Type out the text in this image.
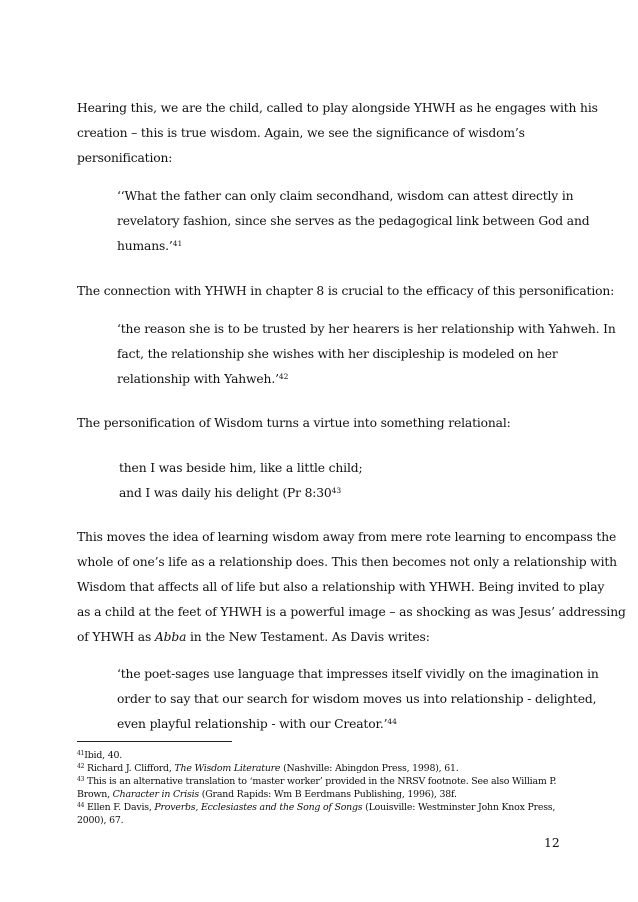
Hearing this, we are the child, called to play alongside YHWH as he engages with his
creation – this is true wisdom. Again, we see the significance of wisdom’s
personification:
‘‘What the father can only claim secondhand, wisdom can attest directly in
revelatory fashion, since she serves as the pedagogical link between God and
humans.’$^{41}$
The connection with YHWH in chapter 8 is crucial to the efficacy of this personification:
‘the reason she is to be trusted by her hearers is her relationship with Yahweh. In
fact, the relationship she wishes with her discipleship is modeled on her
relationship with Yahweh.’$^{42}$
The personification of Wisdom turns a virtue into something relational:
then I was beside him, like a little child;
and I was daily his delight (Pr 8:30$^{43}$
This moves the idea of learning wisdom away from mere rote learning to encompass the
whole of one’s life as a relationship does. This then becomes not only a relationship with
Wisdom that affects all of life but also a relationship with YHWH. Being invited to play
as a child at the feet of YHWH is a powerful image – as shocking as was Jesus’ addressing
of YHWH as Abba in the New Testament. As Davis writes:
‘the poet-sages use language that impresses itself vividly on the imagination in
order to say that our search for wisdom moves us into relationship - delighted,
even playful relationship - with our Creator.’$^{44}$
$^{41}$Ibid, 40.
$^{42}$ Richard J. Clifford, The Wisdom Literature (Nashville: Abingdon Press, 1998), 61.
$^{43}$ This is an alternative translation to ‘master worker’ provided in the NRSV footnote. See also William P.
Brown, Character in Crisis (Grand Rapids: Wm B Eerdmans Publishing, 1996), 38f.
$^{44}$ Ellen F. Davis, Proverbs, Ecclesiastes and the Song of Songs (Louisville: Westminster John Knox Press,
2000), 67.
12
